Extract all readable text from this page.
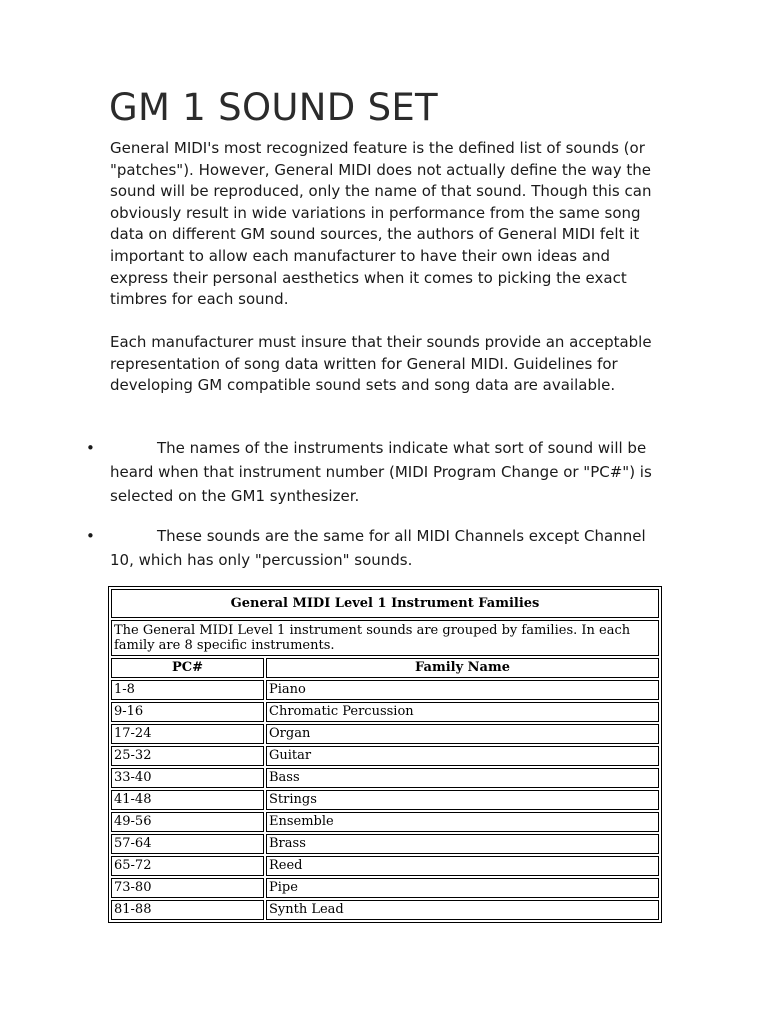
GM 1 SOUND SET

General MIDI's most recognized feature is the defined list of sounds (or "patches"). However, General MIDI does not actually define the way the sound will be reproduced, only the name of that sound. Though this can obviously result in wide variations in performance from the same song data on different GM sound sources, the authors of General MIDI felt it important to allow each manufacturer to have their own ideas and express their personal aesthetics when it comes to picking the exact timbres for each sound.

Each manufacturer must insure that their sounds provide an acceptable representation of song data written for General MIDI. Guidelines for developing GM compatible sound sets and song data are available.

•	The names of the instruments indicate what sort of sound will be heard when that instrument number (MIDI Program Change or "PC#") is selected on the GM1 synthesizer.
•	These sounds are the same for all MIDI Channels except Channel 10, which has only "percussion" sounds.
General MIDI Level 1 Instrument Families	
The General MIDI Level 1 instrument sounds are grouped by families. In each family are 8 specific instruments.	
PC#	Family Name
1-8	Piano
9-16	Chromatic Percussion
17-24	Organ
25-32	Guitar
33-40	Bass
41-48	Strings
49-56	Ensemble
57-64	Brass
65-72	Reed
73-80	Pipe
81-88	Synth Lead
